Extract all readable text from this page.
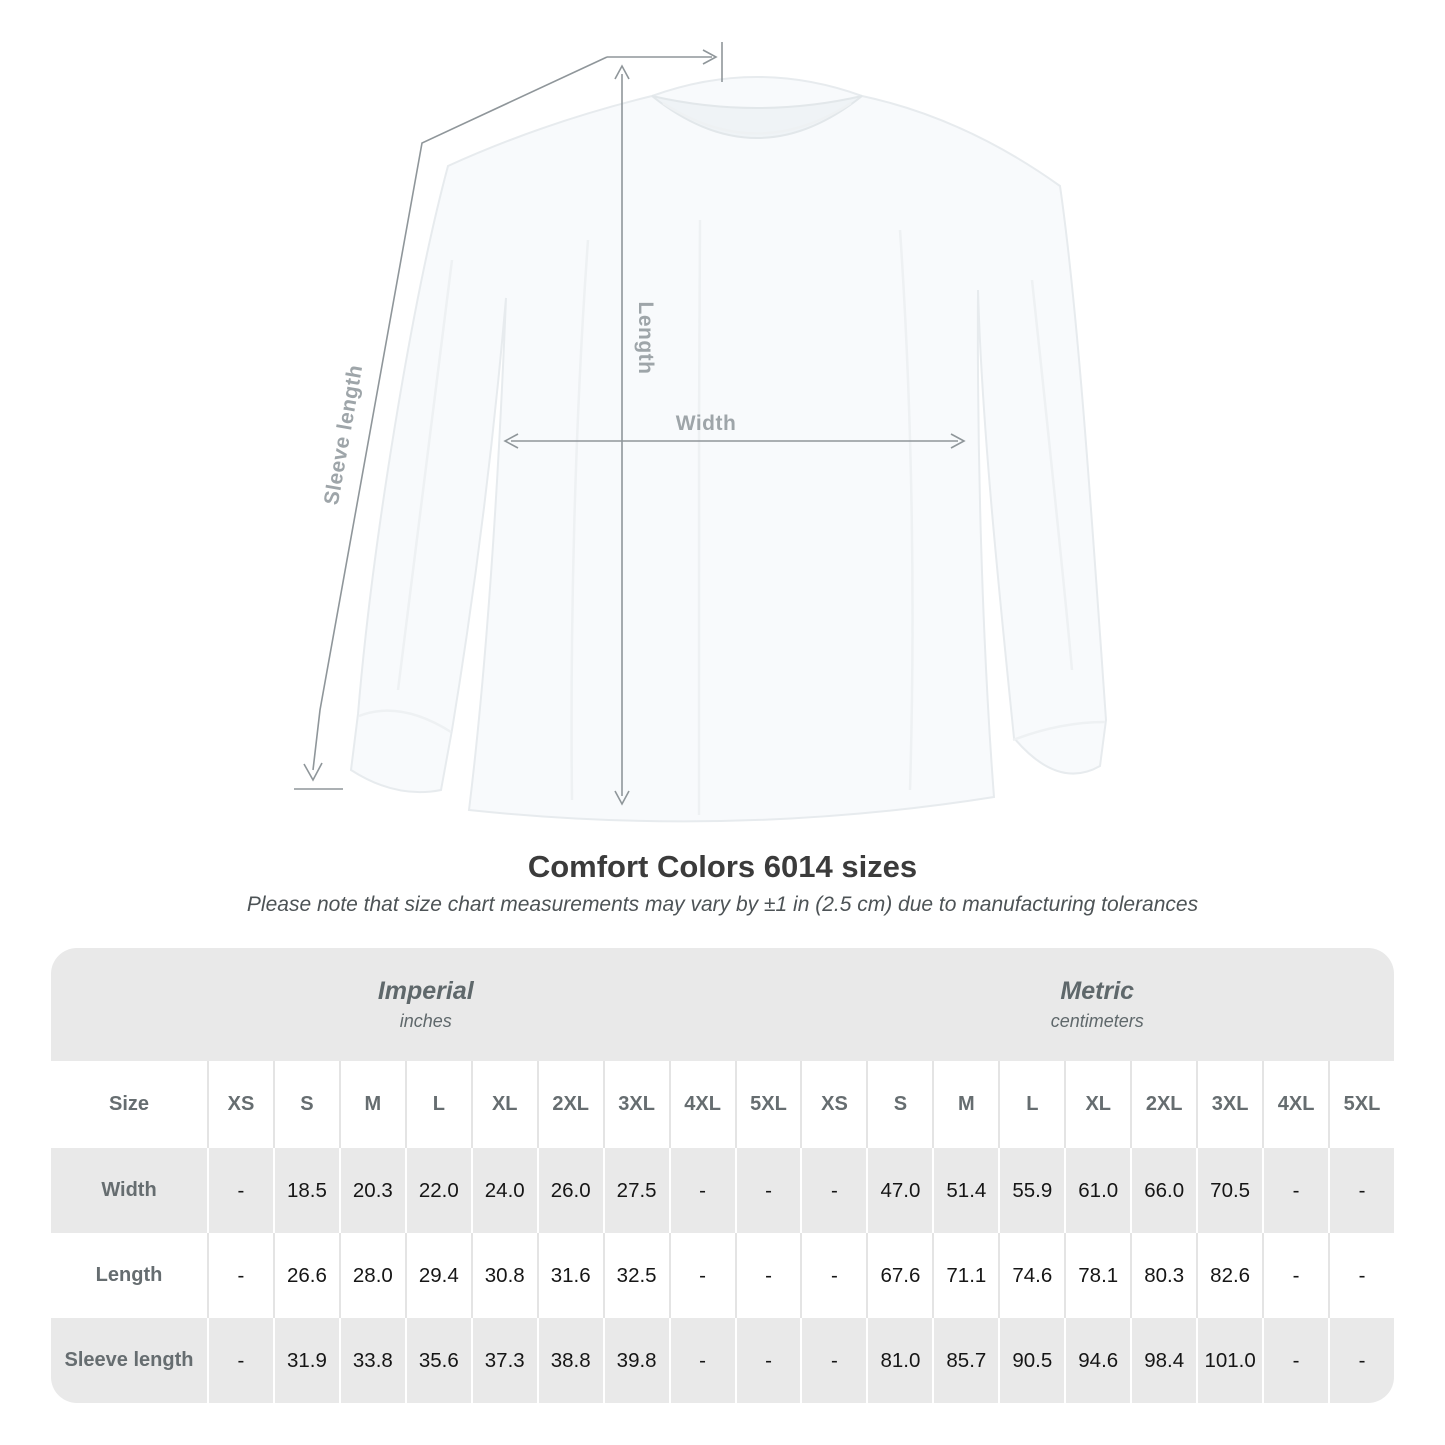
Sleeve length
Length
Width
Comfort Colors 6014 sizes
Please note that size chart measurements may vary by ±1 in (2.5 cm) due to manufacturing tolerances
Imperial
inches
Metric
centimeters
Size	XS	S	M	L	XL	2XL	3XL	4XL	5XL	XS	S	M	L	XL	2XL	3XL	4XL	5XL
Width	-	18.5	20.3	22.0	24.0	26.0	27.5	-	-	-	47.0	51.4	55.9	61.0	66.0	70.5	-	-
Length	-	26.6	28.0	29.4	30.8	31.6	32.5	-	-	-	67.6	71.1	74.6	78.1	80.3	82.6	-	-
Sleeve length	-	31.9	33.8	35.6	37.3	38.8	39.8	-	-	-	81.0	85.7	90.5	94.6	98.4 101.0	-	-
